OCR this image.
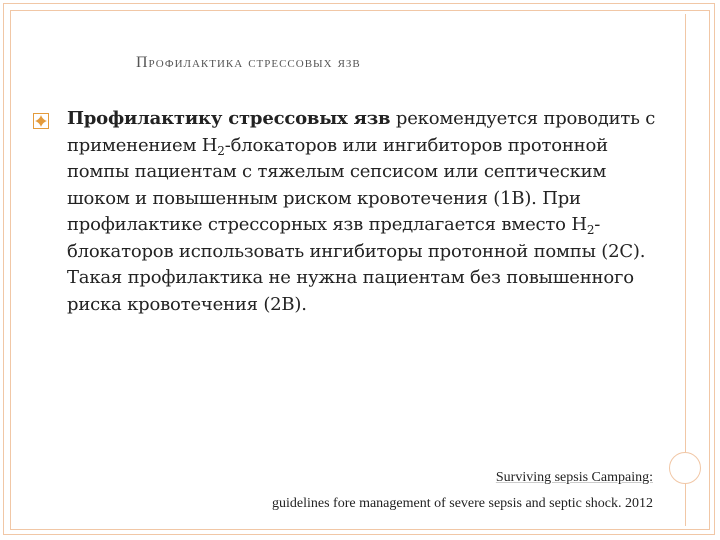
Профилактика стрессовых язв
Профилактику стрессовых язв рекомендуется проводить с применением $Н_2$-блокаторов или ингибиторов протонной помпы пациентам с тяжелым сепсисом или септическим шоком и повышенным риском кровотечения (1B). При профилактике стрессорных язв предлагается вместо $Н_2$-блокаторов использовать ингибиторы протонной помпы (2C). Такая профилактика не нужна пациентам без повышенного риска кровотечения (2B).
Surviving sepsis Campaing:
guidelines fore management of severe sepsis and septic shock. 2012
